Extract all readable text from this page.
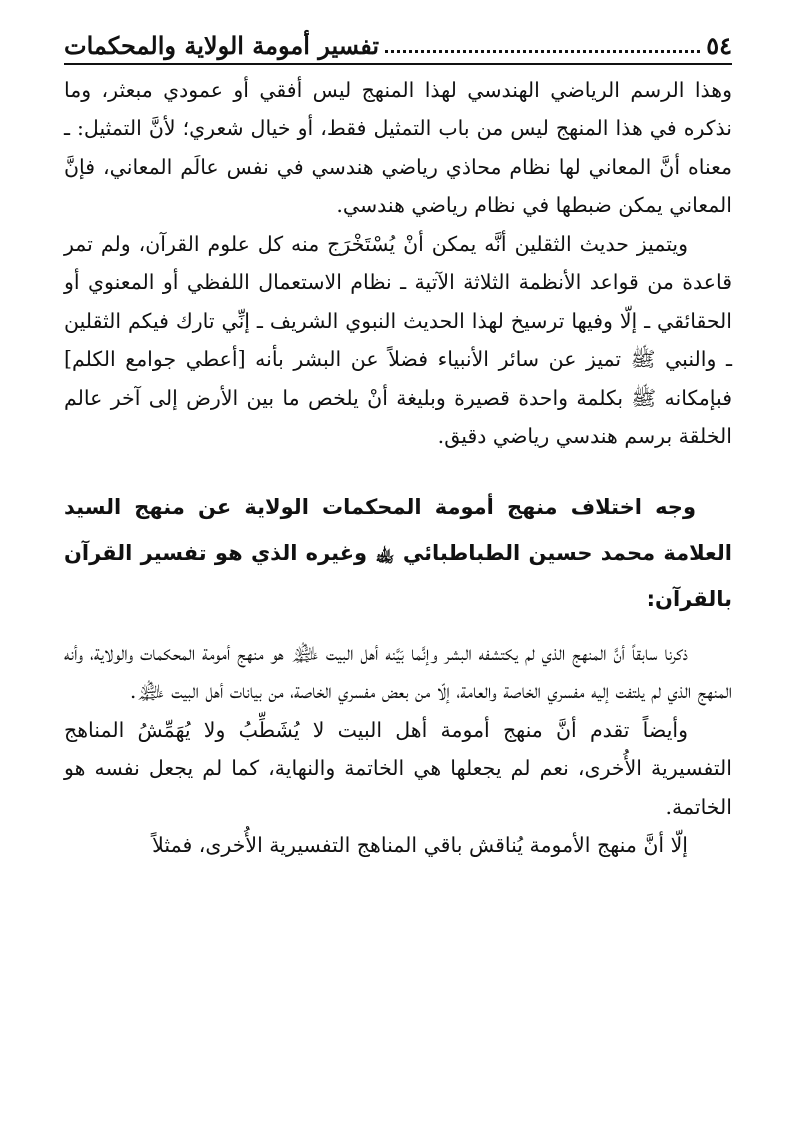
٥٤
تفسير أمومة الولاية والمحكمات

وهذا الرسم الرياضي الهندسي لهذا المنهج ليس أفقي أو عمودي مبعثر، وما نذكره في هذا المنهج ليس من باب التمثيل فقط، أو خيال شعري؛ لأنَّ التمثيل: ـ معناه أنَّ المعاني لها نظام محاذي رياضي هندسي في نفس عالَم المعاني، فإنَّ المعاني يمكن ضبطها في نظام رياضي هندسي.

ويتميز حديث الثقلين أنَّه يمكن أنْ يُسْتَخْرَج منه كل علوم القرآن، ولم تمر قاعدة من قواعد الأنظمة الثلاثة الآتية ـ نظام الاستعمال اللفظي أو المعنوي أو الحقائقي ـ إلّا وفيها ترسيخ لهذا الحديث النبوي الشريف ـ إنِّي تارك فيكم الثقلين ـ والنبي ﷺ تميز عن سائر الأنبياء فضلاً عن البشر بأنه [أعطي جوامع الكلم] فبإمكانه ﷺ بكلمة واحدة قصيرة وبليغة أنْ يلخص ما بين الأرض إلى آخر عالم الخلقة برسم هندسي رياضي دقيق.

وجه اختلاف منهج أمومة المحكمات الولاية عن منهج السيد العلامة محمد حسين الطباطبائي ﵀ وغيره الذي هو تفسير القرآن بالقرآن:

ذكرنا سابقاً أنَّ المنهج الذي لم يكتشفه البشر وإنَّما بَيَّنه أهل البيت ﵈ هو منهج أمومة المحكمات والولاية، وأنه المنهج الذي لم يلتفت إليه مفسري الخاصة والعامة، إلّا من بعض مفسري الخاصة، من بيانات أهل البيت ﵈.

وأيضاً تقدم أنَّ منهج أمومة أهل البيت لا يُشَطِّبُ ولا يُهَمِّشُ المناهج التفسيرية الأُخرى، نعم لم يجعلها هي الخاتمة والنهاية، كما لم يجعل نفسه هو الخاتمة.

إلّا أنَّ منهج الأمومة يُناقش باقي المناهج التفسيرية الأُخرى، فمثلاً
